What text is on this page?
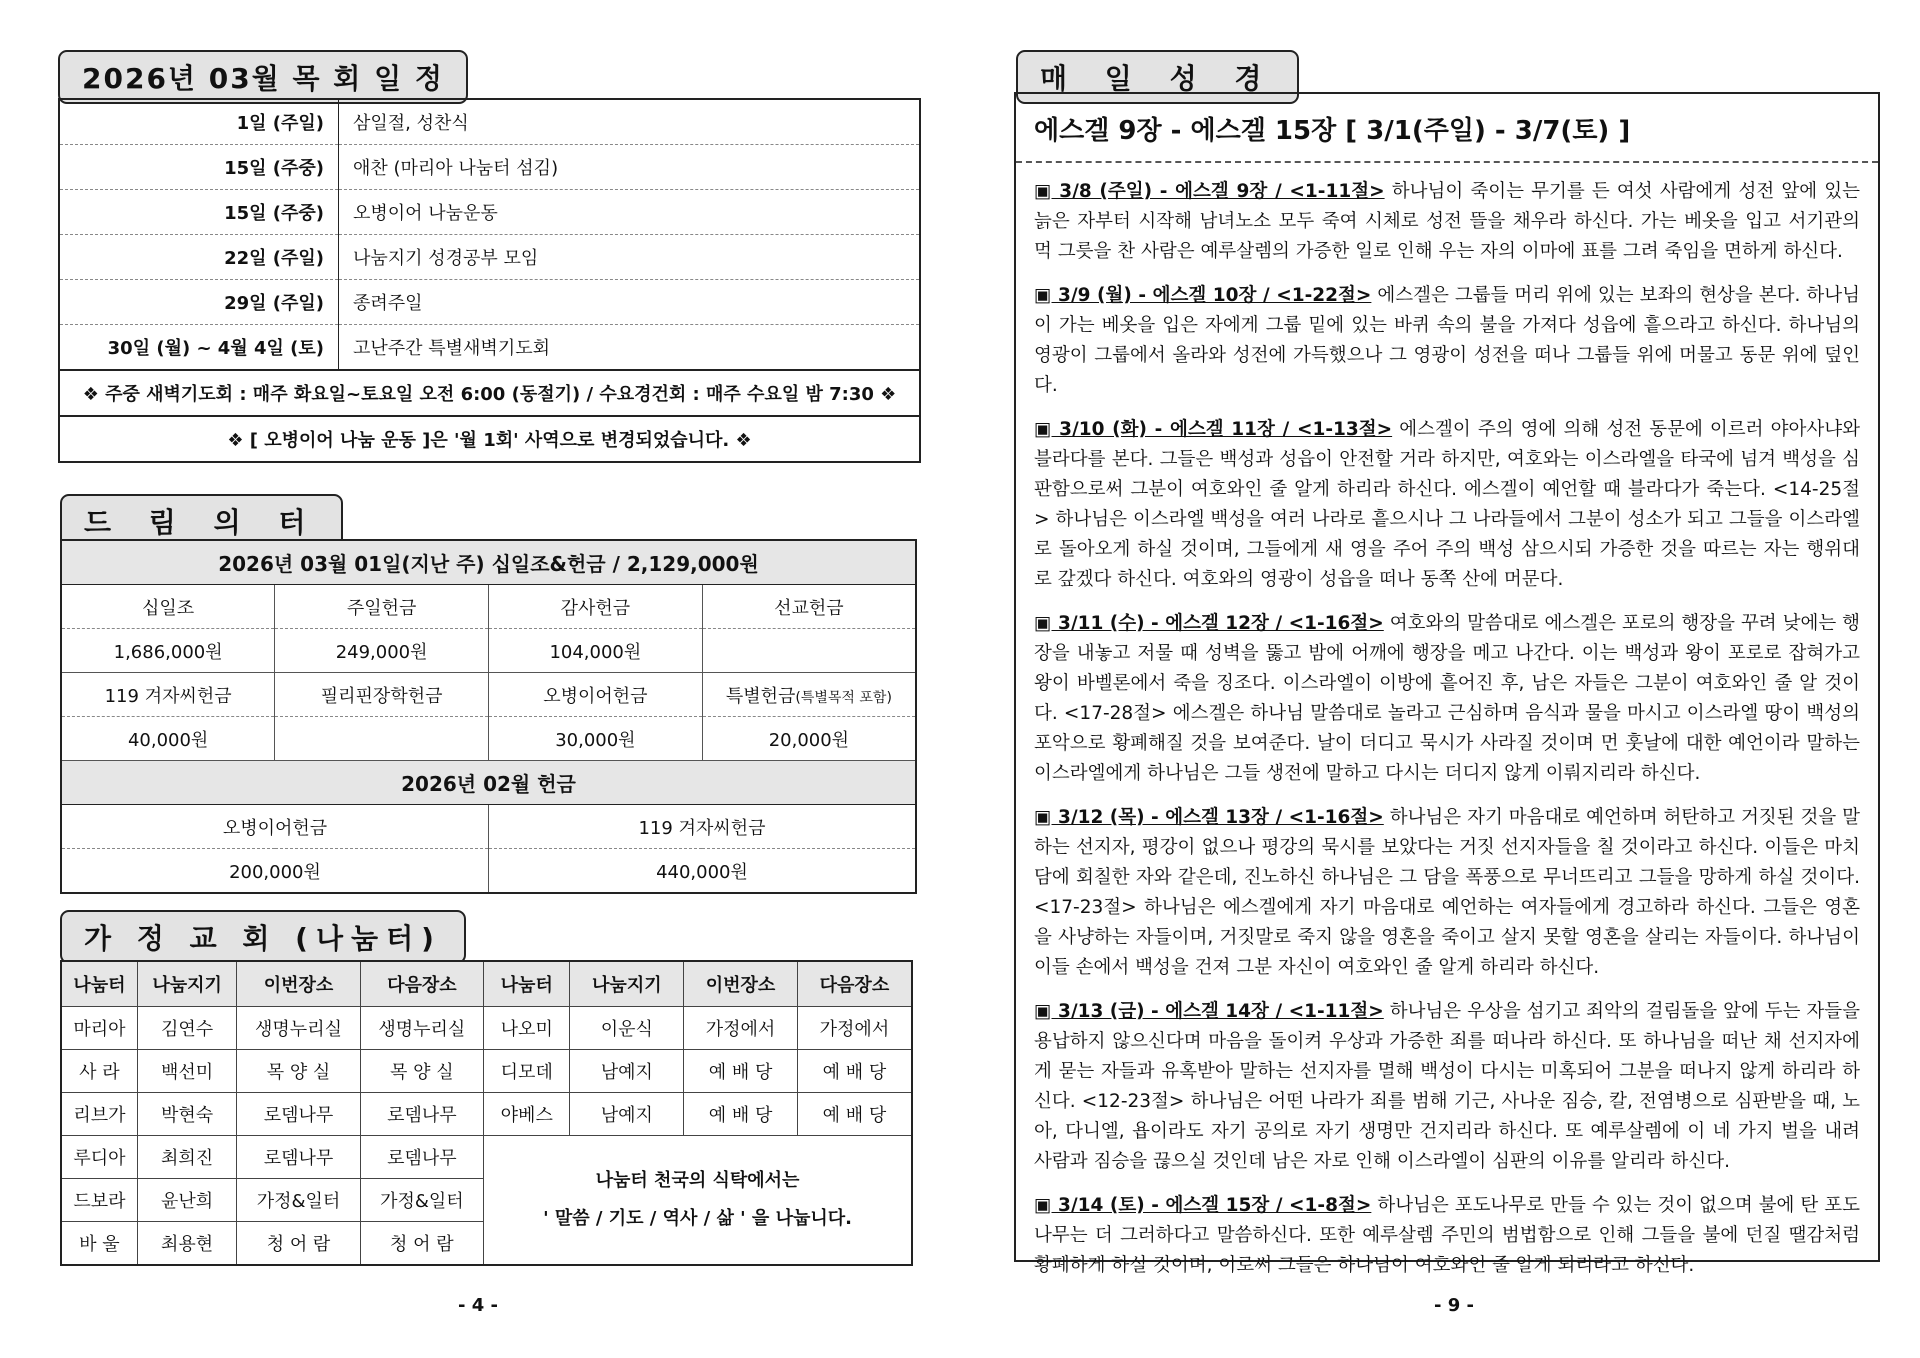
2026년 03월 목 회 일 정
1일 (주일)	삼일절, 성찬식
15일 (주중)	애찬 (마리아 나눔터 섬김)
15일 (주중)	오병이어 나눔운동
22일 (주일)	나눔지기 성경공부 모임
29일 (주일)	종려주일
30일 (월) ~ 4월 4일 (토)	고난주간 특별새벽기도회
❖ 주중 새벽기도회 : 매주 화요일~토요일 오전 6:00 (동절기) / 수요경건회 : 매주 수요일 밤 7:30 ❖	
❖ [ 오병이어 나눔 운동 ]은 '월 1회' 사역으로 변경되었습니다. ❖	
드 림 의 터
2026년 03월 01일(지난 주) 십일조&헌금 / 2,129,000원			
십일조	주일헌금	감사헌금	선교헌금
1,686,000원	249,000원	104,000원	
119 겨자씨헌금	필리핀장학헌금	오병이어헌금	특별헌금(특별목적 포함)
40,000원		30,000원	20,000원
2026년 02월 헌금			
오병이어헌금		119 겨자씨헌금	
200,000원		440,000원	
가 정 교 회 (나눔터)
나눔터	나눔지기	이번장소	다음장소	나눔터	나눔지기	이번장소	다음장소
마리아	김연수	생명누리실	생명누리실	나오미	이운식	가정에서	가정에서
사 라	백선미	목 양 실	목 양 실	디모데	남예지	예 배 당	예 배 당
리브가	박현숙	로뎀나무	로뎀나무	야베스	남예지	예 배 당	예 배 당
루디아	최희진	로뎀나무	로뎀나무	나눔터 천국의 식탁에서는
' 말씀 / 기도 / 역사 / 삶 ' 을 나눕니다.			

드보라	윤난희	가정&일터	가정&일터				
바 울	최용현	청 어 람	청 어 람				
- 4 -
매 일 성 경
에스겔 9장 - 에스겔 15장 [ 3/1(주일) - 3/7(토) ]
▣ 3/8 (주일) - 에스겔 9장 / <1-11절> 하나님이 죽이는 무기를 든 여섯 사람에게 성전 앞에 있는 늙은 자부터 시작해 남녀노소 모두 죽여 시체로 성전 뜰을 채우라 하신다. 가는 베옷을 입고 서기관의 먹 그릇을 찬 사람은 예루살렘의 가증한 일로 인해 우는 자의 이마에 표를 그려 죽임을 면하게 하신다.
▣ 3/9 (월) - 에스겔 10장 / <1-22절> 에스겔은 그룹들 머리 위에 있는 보좌의 현상을 본다. 하나님이 가는 베옷을 입은 자에게 그룹 밑에 있는 바퀴 속의 불을 가져다 성읍에 흩으라고 하신다. 하나님의 영광이 그룹에서 올라와 성전에 가득했으나 그 영광이 성전을 떠나 그룹들 위에 머물고 동문 위에 덮인다.
▣ 3/10 (화) - 에스겔 11장 / <1-13절> 에스겔이 주의 영에 의해 성전 동문에 이르러 야아사냐와 블라다를 본다. 그들은 백성과 성읍이 안전할 거라 하지만, 여호와는 이스라엘을 타국에 넘겨 백성을 심판함으로써 그분이 여호와인 줄 알게 하리라 하신다. 에스겔이 예언할 때 블라다가 죽는다. <14-25절> 하나님은 이스라엘 백성을 여러 나라로 흩으시나 그 나라들에서 그분이 성소가 되고 그들을 이스라엘로 돌아오게 하실 것이며, 그들에게 새 영을 주어 주의 백성 삼으시되 가증한 것을 따르는 자는 행위대로 갚겠다 하신다. 여호와의 영광이 성읍을 떠나 동쪽 산에 머문다.
▣ 3/11 (수) - 에스겔 12장 / <1-16절> 여호와의 말씀대로 에스겔은 포로의 행장을 꾸려 낮에는 행장을 내놓고 저물 때 성벽을 뚫고 밤에 어깨에 행장을 메고 나간다. 이는 백성과 왕이 포로로 잡혀가고 왕이 바벨론에서 죽을 징조다. 이스라엘이 이방에 흩어진 후, 남은 자들은 그분이 여호와인 줄 알 것이다. <17-28절> 에스겔은 하나님 말씀대로 놀라고 근심하며 음식과 물을 마시고 이스라엘 땅이 백성의 포악으로 황폐해질 것을 보여준다. 날이 더디고 묵시가 사라질 것이며 먼 훗날에 대한 예언이라 말하는 이스라엘에게 하나님은 그들 생전에 말하고 다시는 더디지 않게 이뤄지리라 하신다.
▣ 3/12 (목) - 에스겔 13장 / <1-16절> 하나님은 자기 마음대로 예언하며 허탄하고 거짓된 것을 말하는 선지자, 평강이 없으나 평강의 묵시를 보았다는 거짓 선지자들을 칠 것이라고 하신다. 이들은 마치 담에 회칠한 자와 같은데, 진노하신 하나님은 그 담을 폭풍으로 무너뜨리고 그들을 망하게 하실 것이다. <17-23절> 하나님은 에스겔에게 자기 마음대로 예언하는 여자들에게 경고하라 하신다. 그들은 영혼을 사냥하는 자들이며, 거짓말로 죽지 않을 영혼을 죽이고 살지 못할 영혼을 살리는 자들이다. 하나님이 이들 손에서 백성을 건져 그분 자신이 여호와인 줄 알게 하리라 하신다.
▣ 3/13 (금) - 에스겔 14장 / <1-11절> 하나님은 우상을 섬기고 죄악의 걸림돌을 앞에 두는 자들을 용납하지 않으신다며 마음을 돌이켜 우상과 가증한 죄를 떠나라 하신다. 또 하나님을 떠난 채 선지자에게 묻는 자들과 유혹받아 말하는 선지자를 멸해 백성이 다시는 미혹되어 그분을 떠나지 않게 하리라 하신다. <12-23절> 하나님은 어떤 나라가 죄를 범해 기근, 사나운 짐승, 칼, 전염병으로 심판받을 때, 노아, 다니엘, 욥이라도 자기 공의로 자기 생명만 건지리라 하신다. 또 예루살렘에 이 네 가지 벌을 내려 사람과 짐승을 끊으실 것인데 남은 자로 인해 이스라엘이 심판의 이유를 알리라 하신다.
▣ 3/14 (토) - 에스겔 15장 / <1-8절> 하나님은 포도나무로 만들 수 있는 것이 없으며 불에 탄 포도나무는 더 그러하다고 말씀하신다. 또한 예루살렘 주민의 범법함으로 인해 그들을 불에 던질 땔감처럼 황폐하게 하실 것이며, 이로써 그들은 하나님이 여호와인 줄 알게 되리라고 하신다.
- 9 -
